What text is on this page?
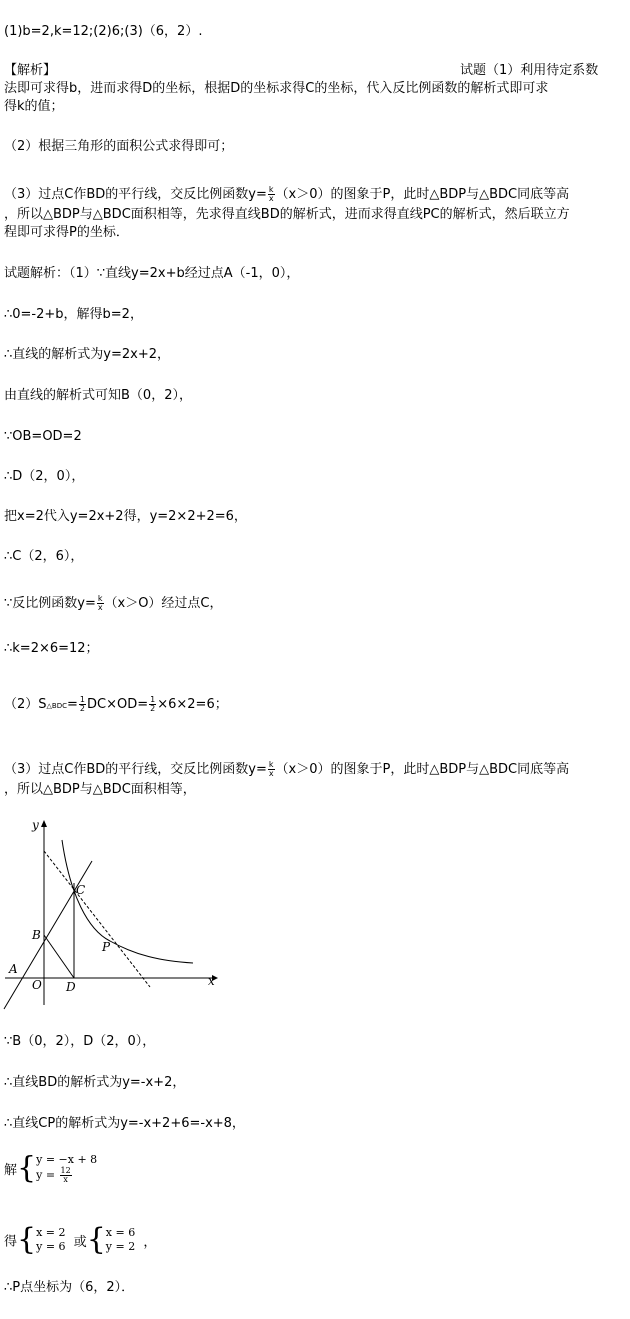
(1)b=2,k=12;(2)6;(3)（6，2）.
【解析】	试题（1）利用待定系数
法即可求得b，进而求得D的坐标，根据D的坐标求得C的坐标，代入反比例函数的解析式即可求
得k的值；
（2）根据三角形的面积公式求得即可；
（3）过点C作BD的平行线，交反比例函数$y= \frac{k}{x} (x>0)$的图象于P，此时△BDP与△BDC同底等高
，所以△BDP与△BDC面积相等，先求得直线BD的解析式，进而求得直线PC的解析式，然后联立方
程即可求得P的坐标．
试题解析：（1）∵直线y=2x+b经过点A（-1，0），
∴0=-2+b，解得b=2，
∴直线的解析式为y=2x+2，
由直线的解析式可知B（0，2），
∵OB=OD=2
∴D（2，0），
把x=2代入y=2x+2得，y=2×2+2=6，
∴C（2，6），
∵反比例函数$y= \frac{k}{x} (x>O)$经过点C，
∴k=2×6=12；
（2）S△BDC= $\frac{1}{2} DC\times OD= \frac{1}{2} \times 6\times 2=6$；
（3）过点C作BD的平行线，交反比例函数$y= \frac{k}{x} (x>0)$的图象于P，此时△BDP与△BDC同底等高
，所以△BDP与△BDC面积相等，
y
x
A
O
B
C
D
P
∵B（0，2），D（2，0），
∴直线BD的解析式为y=-x+2，
∴直线CP的解析式为y=-x+2+6=-x+8，
解{ y = −x + 8
$y = \frac{12}{x}$
得{ x = 2
y = 6 或{ x = 6
y = 2 ，
∴P点坐标为（6，2）．
